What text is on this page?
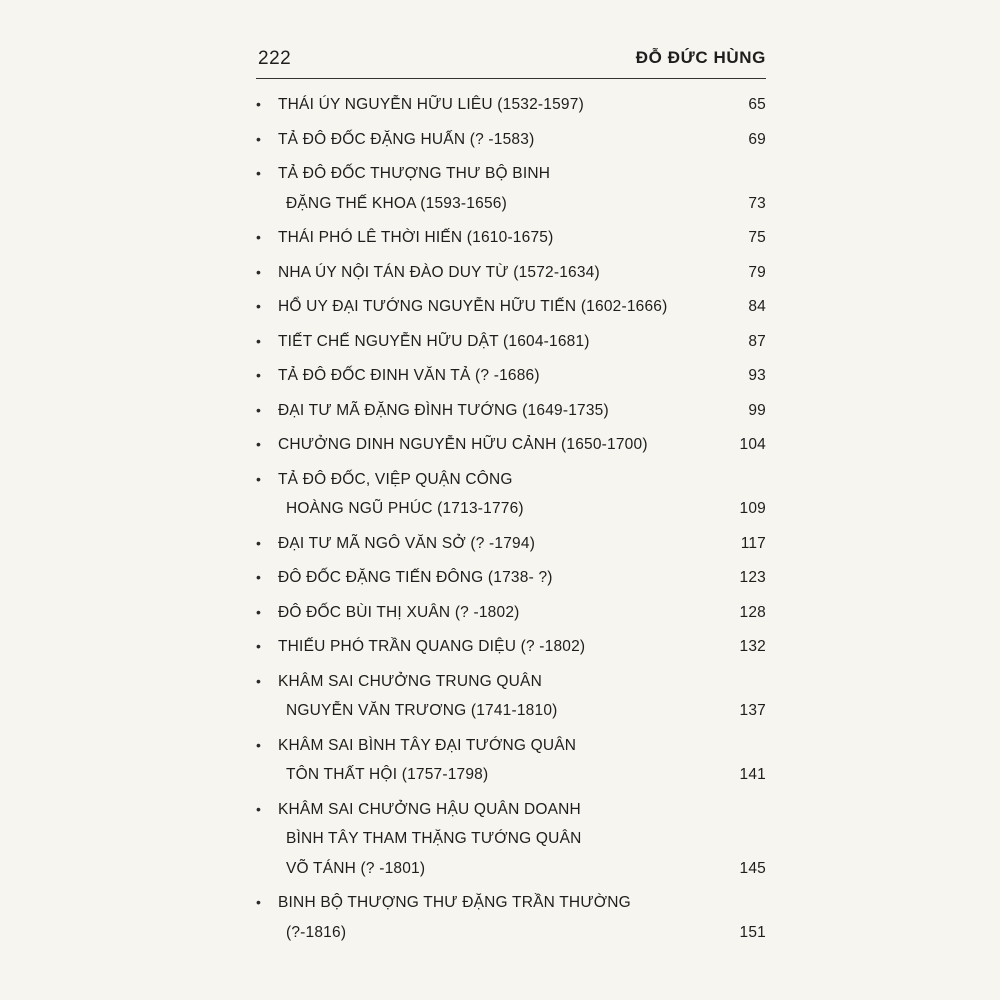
222	ĐỖ ĐỨC HÙNG
•	THÁI ÚY NGUYỄN HỮU LIÊU (1532-1597)	65
•	TẢ ĐÔ ĐỐC ĐẶNG HUẤN (? -1583)	69
•	TẢ ĐÔ ĐỐC THƯỢNG THƯ BỘ BINH
ĐẶNG THẾ KHOA (1593-1656)	73
•	THÁI PHÓ LÊ THỜI HIẾN (1610-1675)	75
•	NHA ÚY NỘI TÁN ĐÀO DUY TỪ (1572-1634)	79
•	HỔ UY ĐẠI TƯỚNG NGUYỄN HỮU TIẾN (1602-1666)	84
•	TIẾT CHẾ NGUYỄN HỮU DẬT (1604-1681)	87
•	TẢ ĐÔ ĐỐC ĐINH VĂN TẢ (? -1686)	93
•	ĐẠI TƯ MÃ ĐẶNG ĐÌNH TƯỚNG (1649-1735)	99
•	CHƯỞNG DINH NGUYỄN HỮU CẢNH (1650-1700)	104
•	TẢ ĐÔ ĐỐC, VIỆP QUẬN CÔNG
HOÀNG NGŨ PHÚC (1713-1776)	109
•	ĐẠI TƯ MÃ NGÔ VĂN SỞ (? -1794)	117
•	ĐÔ ĐỐC ĐẶNG TIẾN ĐÔNG (1738- ?)	123
•	ĐÔ ĐỐC BÙI THỊ XUÂN (? -1802)	128
•	THIẾU PHÓ TRẦN QUANG DIỆU (? -1802)	132
•	KHÂM SAI CHƯỞNG TRUNG QUÂN
NGUYỄN VĂN TRƯƠNG (1741-1810)	137
•	KHÂM SAI BÌNH TÂY ĐẠI TƯỚNG QUÂN
TÔN THẤT HỘI (1757-1798)	141
•	KHÂM SAI CHƯỞNG HẬU QUÂN DOANH
BÌNH TÂY THAM THẶNG TƯỚNG QUÂN
VÕ TÁNH (? -1801)	145
•	BINH BỘ THƯỢNG THƯ ĐẶNG TRẦN THƯỜNG
(?-1816)	151
